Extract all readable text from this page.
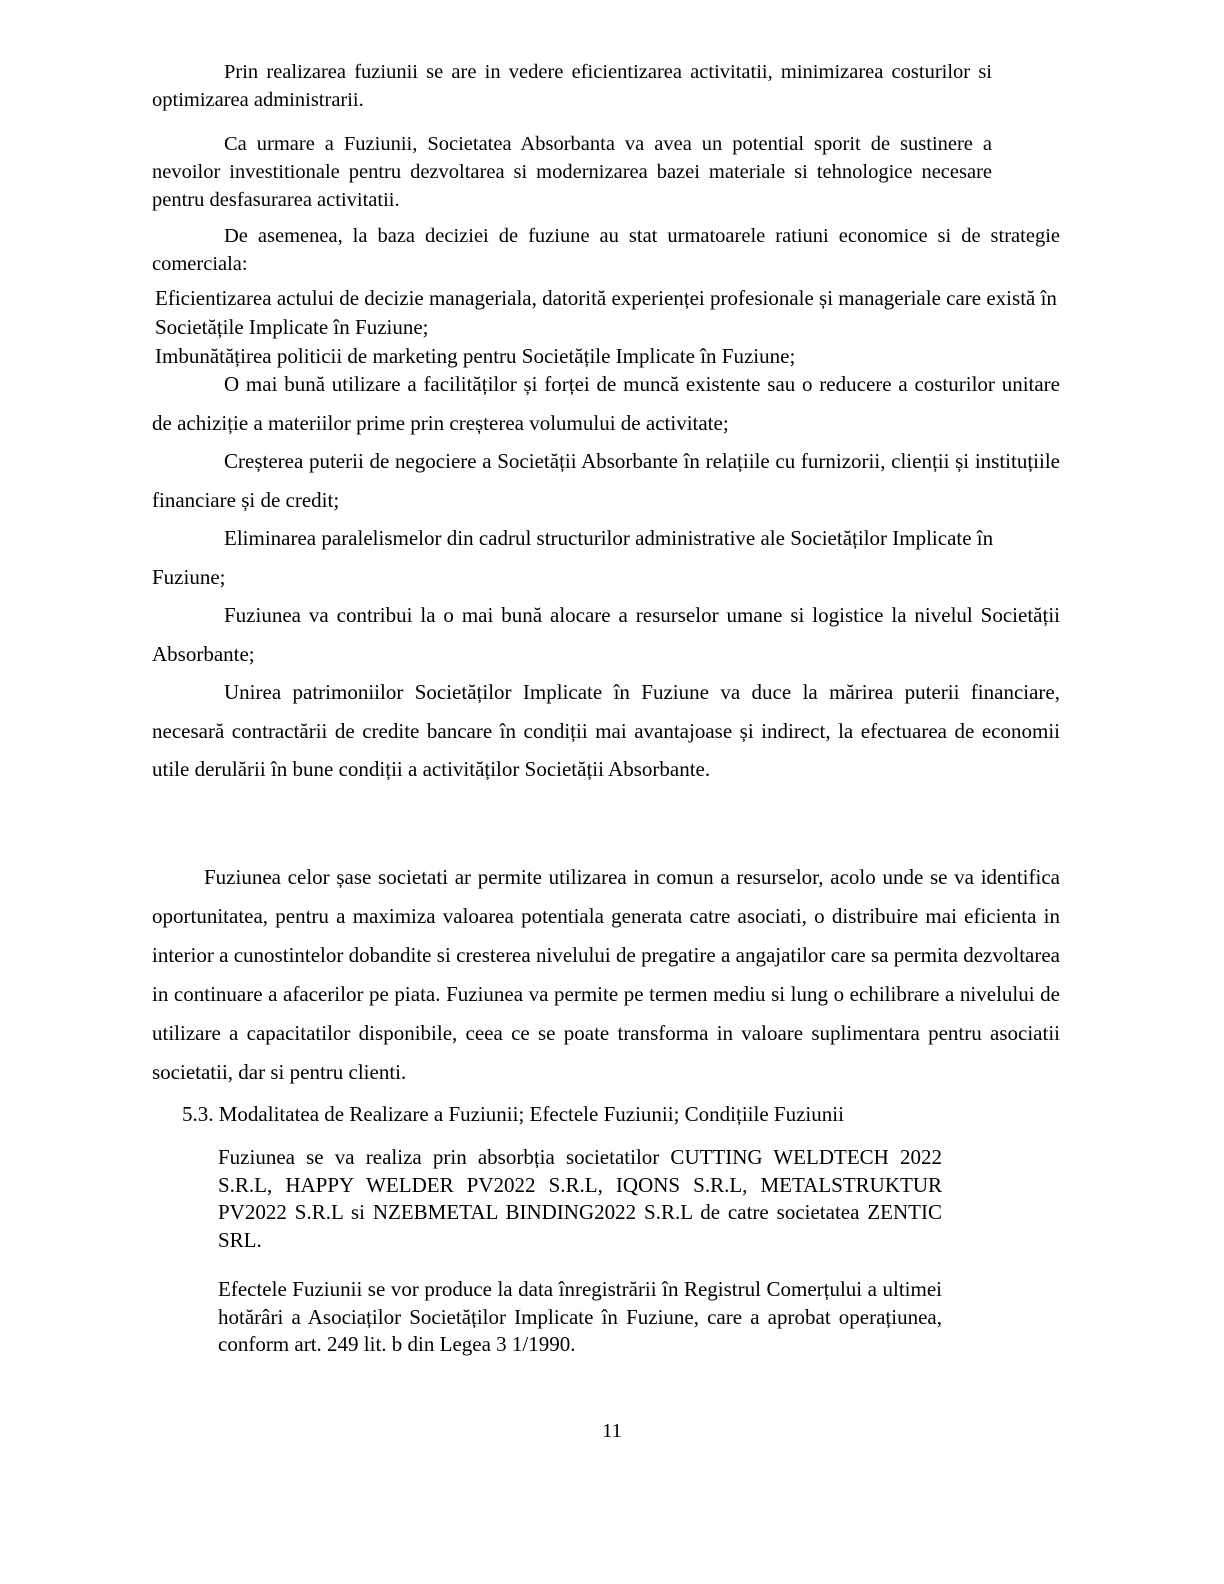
Prin realizarea fuziunii se are in vedere eficientizarea activitatii, minimizarea costurilor si optimizarea administrarii.

Ca urmare a Fuziunii, Societatea Absorbanta va avea un potential sporit de sustinere a nevoilor investitionale pentru dezvoltarea si modernizarea bazei materiale si tehnologice necesare pentru desfasurarea activitatii.

De asemenea, la baza deciziei de fuziune au stat urmatoarele ratiuni economice si de strategie comerciala:

Eficientizarea actului de decizie manageriala, datorită experienței profesionale și manageriale care există în Societățile Implicate în Fuziune;

Imbunătățirea politicii de marketing pentru Societățile Implicate în Fuziune;

O mai bună utilizare a facilităților și forței de muncă existente sau o reducere a costurilor unitare de achiziție a materiilor prime prin creșterea volumului de activitate;

Creșterea puterii de negociere a Societății Absorbante în relațiile cu furnizorii, clienții și instituțiile financiare și de credit;

Eliminarea paralelismelor din cadrul structurilor administrative ale Societăților Implicate în Fuziune;

Fuziunea va contribui la o mai bună alocare a resurselor umane si logistice la nivelul Societății Absorbante;

Unirea patrimoniilor Societăților Implicate în Fuziune va duce la mărirea puterii financiare, necesară contractării de credite bancare în condiții mai avantajoase și indirect, la efectuarea de economii utile derulării în bune condiții a activităților Societății Absorbante.

Fuziunea celor șase societati ar permite utilizarea in comun a resurselor, acolo unde se va identifica oportunitatea, pentru a maximiza valoarea potentiala generata catre asociati, o distribuire mai eficienta in interior a cunostintelor dobandite si cresterea nivelului de pregatire a angajatilor care sa permita dezvoltarea in continuare a afacerilor pe piata. Fuziunea va permite pe termen mediu si lung o echilibrare a nivelului de utilizare a capacitatilor disponibile, ceea ce se poate transforma in valoare suplimentara pentru asociatii societatii, dar si pentru clienti.

5.3. Modalitatea de Realizare a Fuziunii; Efectele Fuziunii; Condițiile Fuziunii

Fuziunea se va realiza prin absorbția societatilor CUTTING WELDTECH 2022 S.R.L, HAPPY WELDER PV2022 S.R.L, IQONS S.R.L, METALSTRUKTUR PV2022 S.R.L si NZEBMETAL BINDING2022 S.R.L de catre societatea ZENTIC SRL.

Efectele Fuziunii se vor produce la data înregistrării în Registrul Comerțului a ultimei hotărâri a Asociaților Societăților Implicate în Fuziune, care a aprobat operațiunea, conform art. 249 lit. b din Legea 3 1/1990.

11
